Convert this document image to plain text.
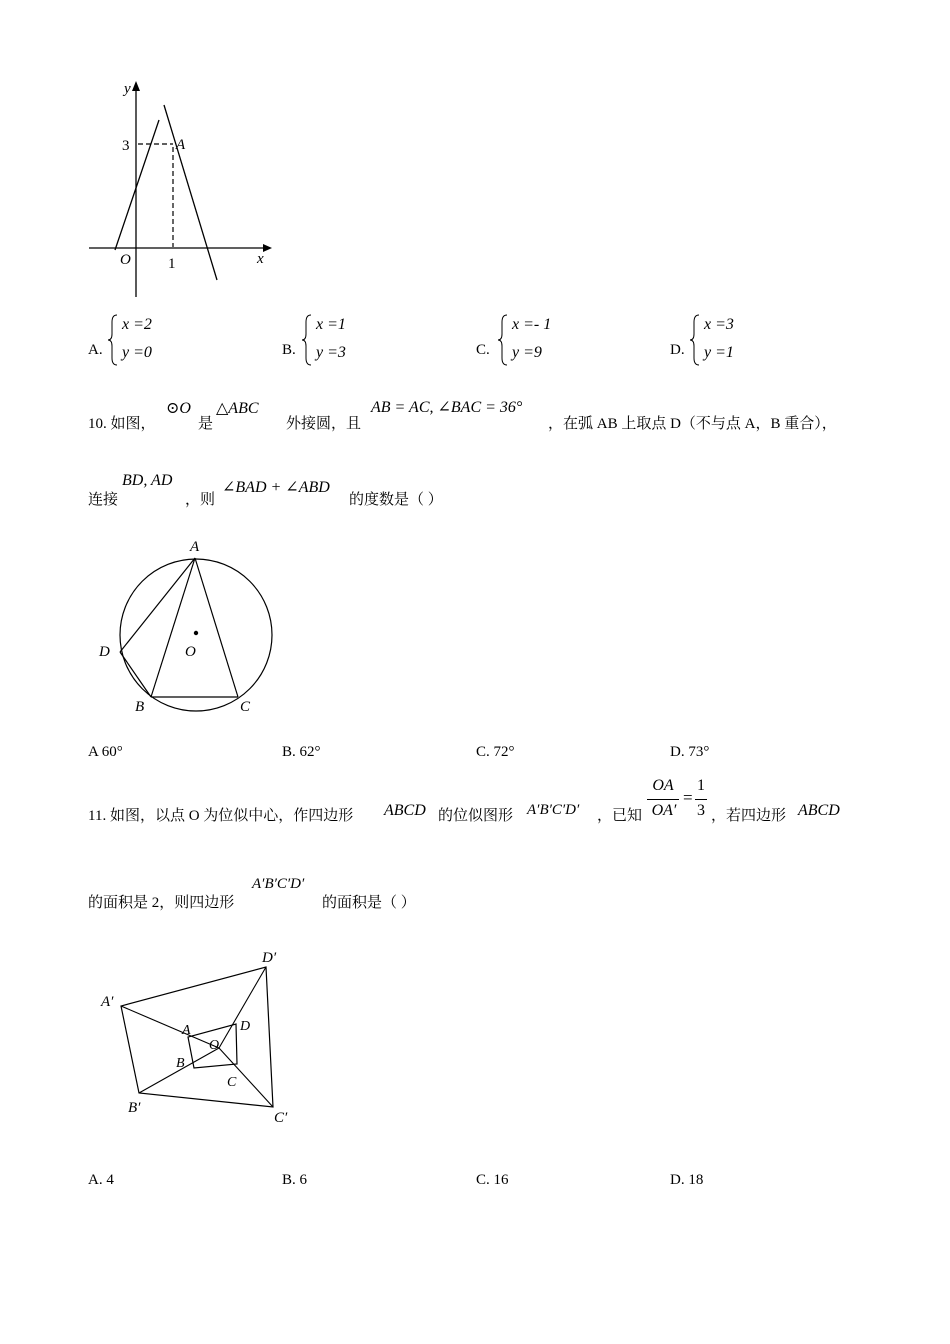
y
x
3
1
O
A
A.
x =2
y =0	B.
x =1
y =3	C.
x =- 1
y =9	D.
x =3
y =1
10. 如图，
⊙O
是
△ABC
外接圆，且
AB = AC, ∠BAC = 36°
，在弧 AB 上取点 D（不与点 A，B 重合），
连接
BD, AD
，则
∠BAD + ∠ABD
的度数是（ ）
A
B	C
D	O
A 60°	B. 62°	C. 72°	D. 73°
11. 如图，以点 O 为位似中心，作四边形 ABCD 的位似图形 A′B′C′D′ ，已知
OA
OA′
=
1
3 ，若四边形 ABCD
的面积是 2，则四边形
A′B′C′D′
的面积是（ ）
A′
B′
C′
D′
A
B
C
D
O
A. 4	B. 6	C. 16	D. 18
